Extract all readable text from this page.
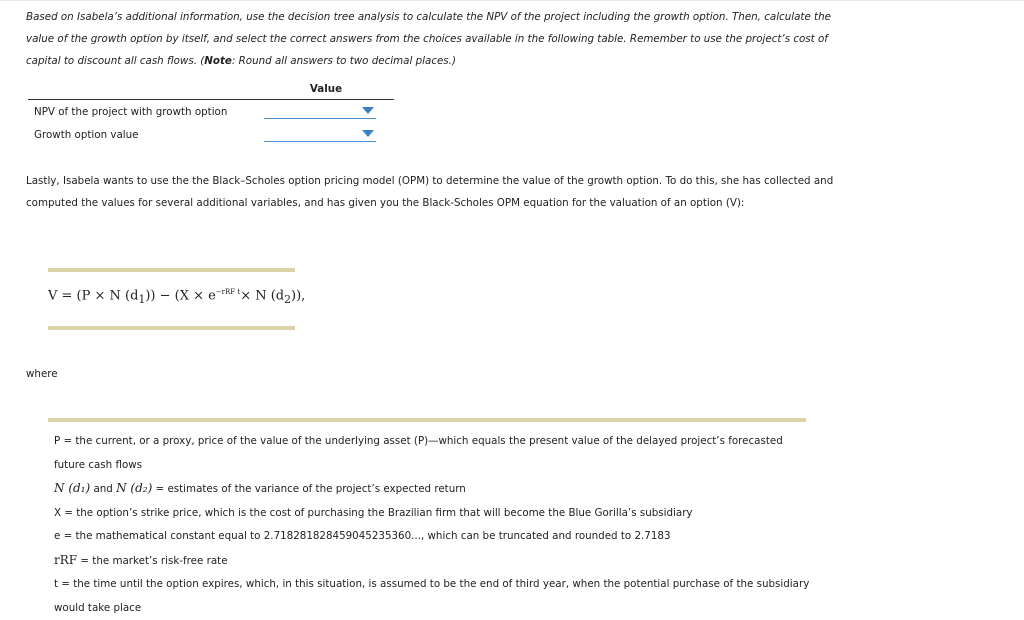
Based on Isabela’s additional information, use the decision tree analysis to calculate the NPV of the project including the growth option. Then, calculate the value of the growth option by itself, and select the correct answers from the choices available in the following table. Remember to use the project’s cost of capital to discount all cash flows. (Note: Round all answers to two decimal places.)
	Value
NPV of the project with growth option	

Growth option value	
Lastly, Isabela wants to use the the Black–Scholes option pricing model (OPM) to determine the value of the growth option. To do this, she has collected and computed the values for several additional variables, and has given you the Black-Scholes OPM equation for the valuation of an option (V):
V = (P × N $(d_1)) - (X \times e^{-rRF t}\times N$ $(d_2)$),
where
P = the current, or a proxy, price of the value of the underlying asset (P)—which equals the present value of the delayed project’s forecasted future cash flows
N (d₁) and N (d₂) = estimates of the variance of the project’s expected return
X = the option’s strike price, which is the cost of purchasing the Brazilian firm that will become the Blue Gorilla’s subsidiary
e = the mathematical constant equal to 2.718281828459045235360..., which can be truncated and rounded to 2.7183
rRF = the market’s risk-free rate
t = the time until the option expires, which, in this situation, is assumed to be the end of third year, when the potential purchase of the subsidiary would take place
